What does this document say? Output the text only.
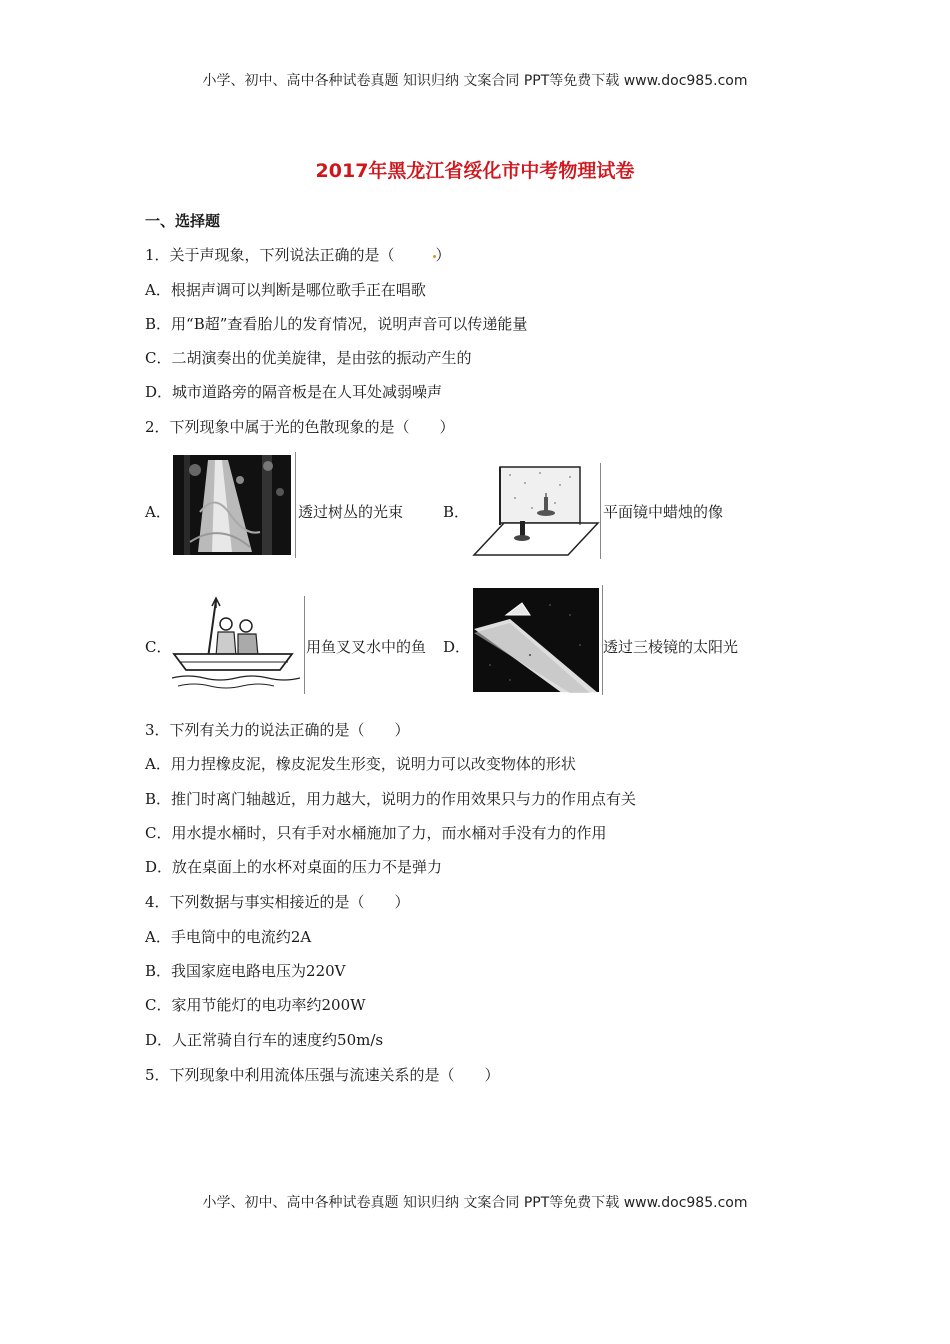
小学、初中、高中各种试卷真题 知识归纳 文案合同 PPT等免费下载 www.doc985.com
2017年黑龙江省绥化市中考物理试卷
一、选择题
1．关于声现象，下列说法正确的是（	）
A．根据声调可以判断是哪位歌手正在唱歌
B．用“B超”查看胎儿的发育情况，说明声音可以传递能量
C．二胡演奏出的优美旋律，是由弦的振动产生的
D．城市道路旁的隔音板是在人耳处减弱噪声
2．下列现象中属于光的色散现象的是（　　）
A．	透过树丛的光束	B．	平面镜中蜡烛的像
C．	用鱼叉叉水中的鱼 D．	透过三棱镜的太阳光
3．下列有关力的说法正确的是（　　）
A．用力捏橡皮泥，橡皮泥发生形变，说明力可以改变物体的形状
B．推门时离门轴越近，用力越大，说明力的作用效果只与力的作用点有关
C．用水提水桶时，只有手对水桶施加了力，而水桶对手没有力的作用
D．放在桌面上的水杯对桌面的压力不是弹力
4．下列数据与事实相接近的是（　　）
A．手电筒中的电流约2A
B．我国家庭电路电压为220V
C．家用节能灯的电功率约200W
D．人正常骑自行车的速度约50m/s
5．下列现象中利用流体压强与流速关系的是（　　）
小学、初中、高中各种试卷真题 知识归纳 文案合同 PPT等免费下载 www.doc985.com
